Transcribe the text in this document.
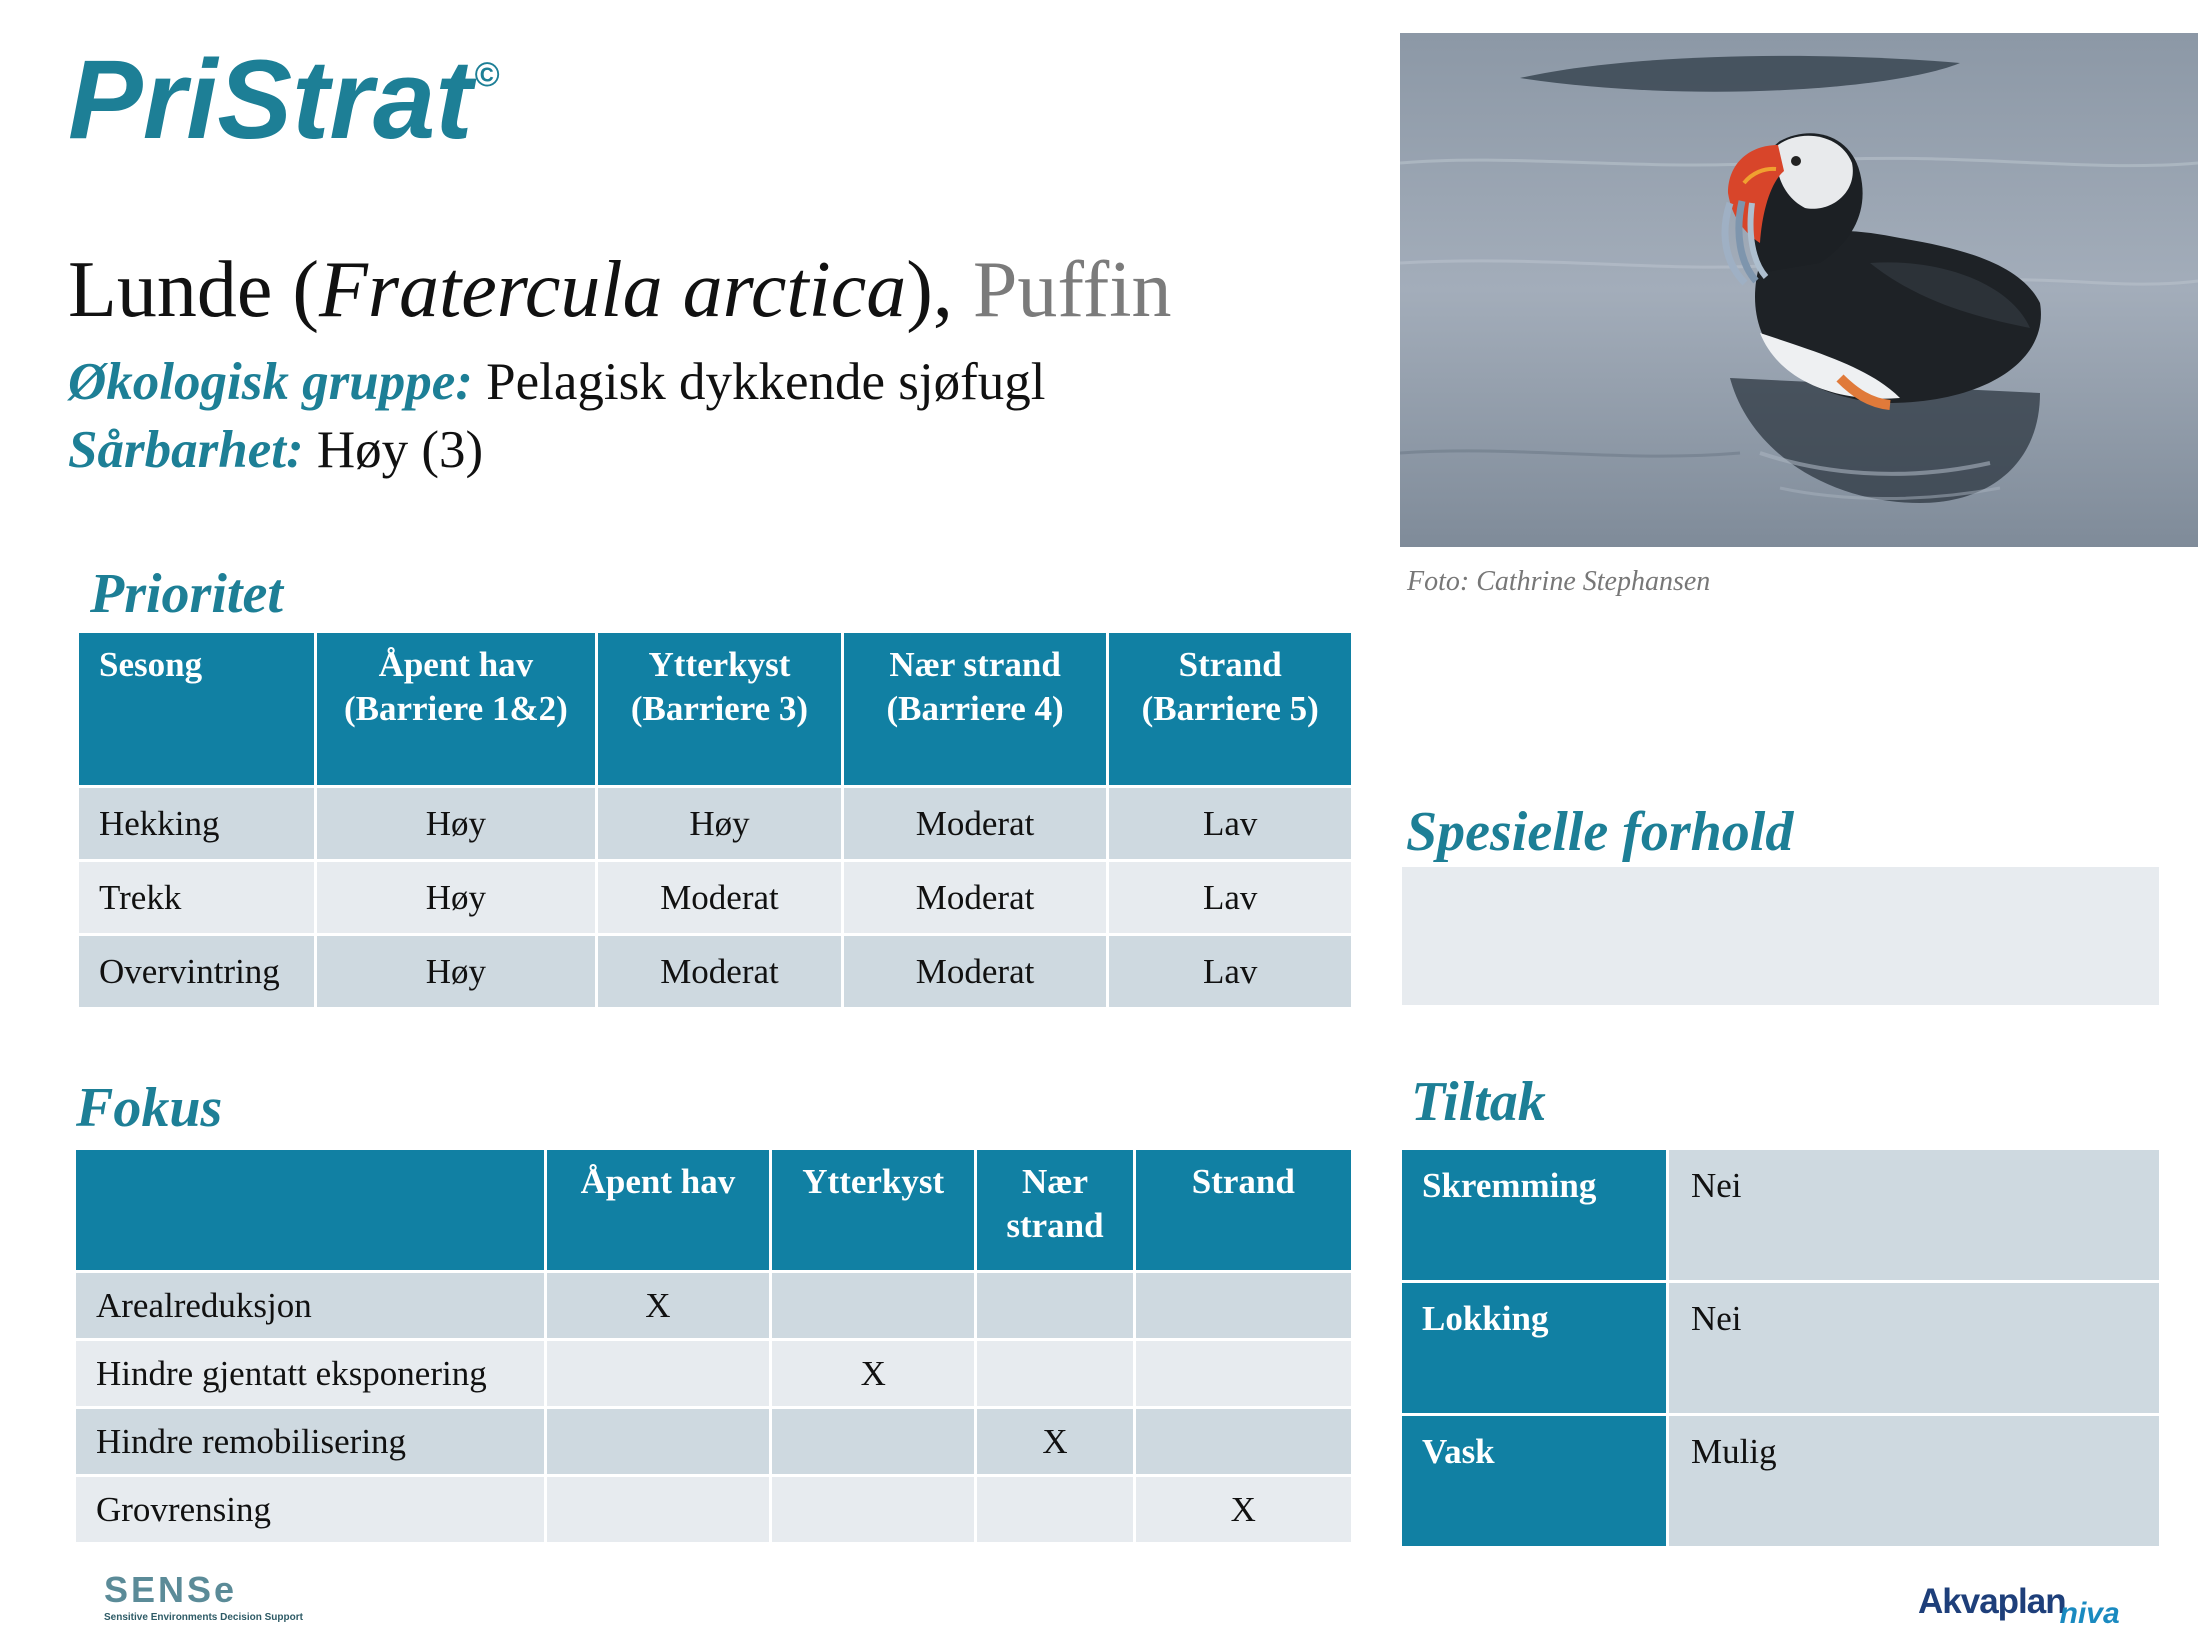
PriStrat©
Lunde (Fratercula arctica), Puffin
Økologisk gruppe: Pelagisk dykkende sjøfugl
Sårbarhet: Høy (3)
Foto: Cathrine Stephansen
Prioritet
Sesong	Åpent hav (Barriere 1&2)	Ytterkyst (Barriere 3)	Nær strand (Barriere 4)	Strand (Barriere 5)
Hekking	Høy	Høy	Moderat	Lav
Trekk	Høy	Moderat	Moderat	Lav
Overvintring	Høy	Moderat	Moderat	Lav
Fokus
	Åpent hav	Ytterkyst	Nær strand	Strand
Arealreduksjon	X			
Hindre gjentatt eksponering		X		
Hindre remobilisering			X	
Grovrensing				X
Spesielle forhold
Tiltak
Skremming	Nei
Lokking	Nei
Vask	Mulig
SENSe
Sensitive Environments Decision Support	Akvaplanniva
